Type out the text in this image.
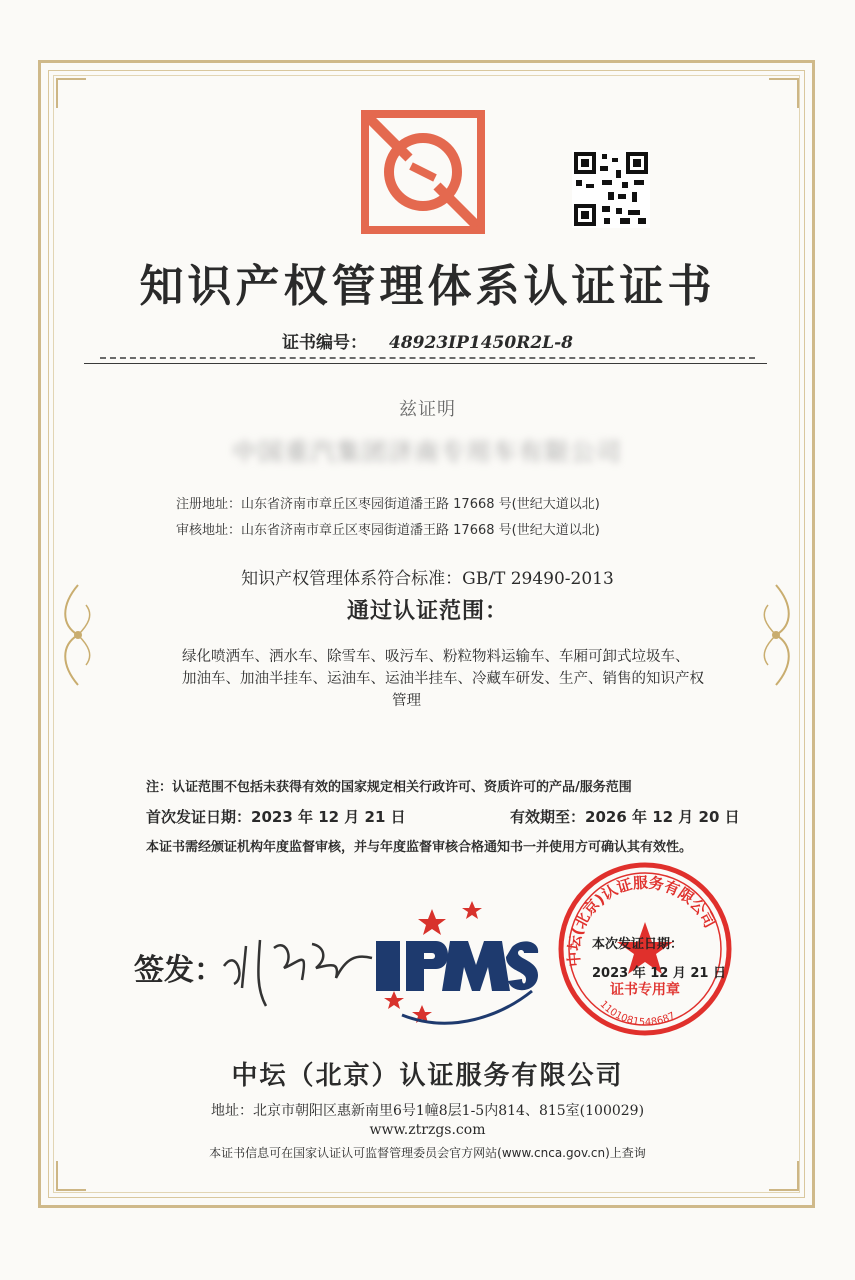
知识产权管理体系认证证书
证书编号： 48923IP1450R2L-8
兹证明
中国重汽集团济南专用车有限公司
注册地址：山东省济南市章丘区枣园街道潘王路 17668 号(世纪大道以北)
审核地址：山东省济南市章丘区枣园街道潘王路 17668 号(世纪大道以北)
知识产权管理体系符合标准：GB/T 29490-2013
通过认证范围：
绿化喷洒车、洒水车、除雪车、吸污车、粉粒物料运输车、车厢可卸式垃圾车、
加油车、加油半挂车、运油车、运油半挂车、冷藏车研发、生产、销售的知识产权
管理
注：认证范围不包括未获得有效的国家规定相关行政许可、资质许可的产品/服务范围
首次发证日期：2023 年 12 月 21 日	有效期至：2026 年 12 月 20 日
本证书需经颁证机构年度监督审核，并与年度监督审核合格通知书一并使用方可确认其有效性。
签发：	中坛(北京)认证服务有限公司
证书专用章
1101081548687
本次发证日期：
2023 年 12 月 21 日
中坛（北京）认证服务有限公司
地址：北京市朝阳区惠新南里6号1幢8层1-5内814、815室(100029)
www.ztrzgs.com
本证书信息可在国家认证认可监督管理委员会官方网站(www.cnca.gov.cn)上查询
